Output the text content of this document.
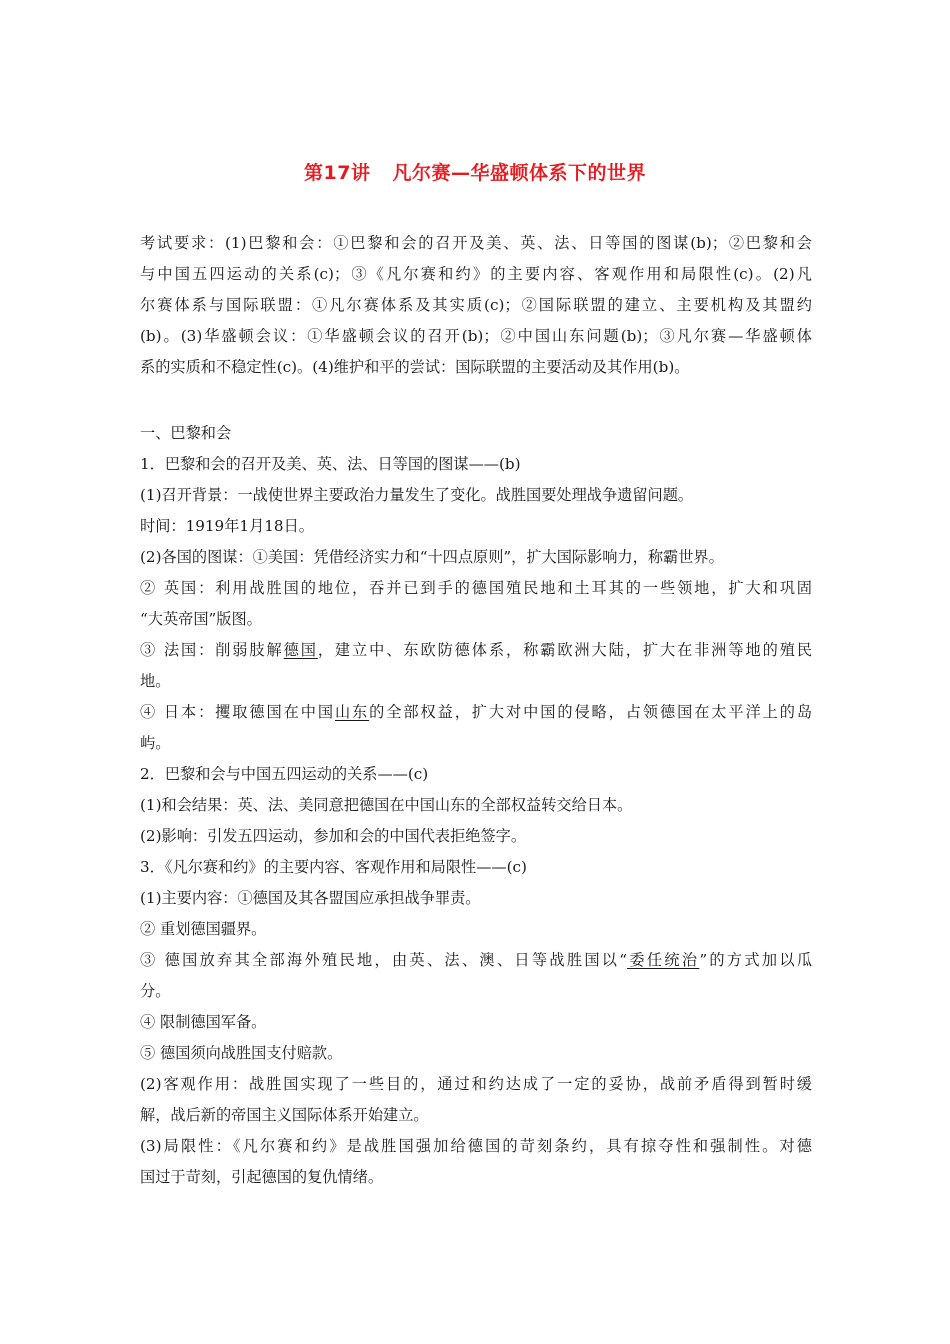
第17讲 凡尔赛—华盛顿体系下的世界
考试要求：(1)巴黎和会：①巴黎和会的召开及美、英、法、日等国的图谋(b)；②巴黎和会
与中国五四运动的关系(c)；③《凡尔赛和约》的主要内容、客观作用和局限性(c)。(2)凡
尔赛体系与国际联盟：①凡尔赛体系及其实质(c)；②国际联盟的建立、主要机构及其盟约
(b)。(3)华盛顿会议：①华盛顿会议的召开(b)；②中国山东问题(b)；③凡尔赛—华盛顿体
系的实质和不稳定性(c)。(4)维护和平的尝试：国际联盟的主要活动及其作用(b)。
一、巴黎和会
1．巴黎和会的召开及美、英、法、日等国的图谋——(b)
(1)召开背景：一战使世界主要政治力量发生了变化。战胜国要处理战争遗留问题。
时间：1919年1月18日。
(2)各国的图谋：①美国：凭借经济实力和“十四点原则”，扩大国际影响力，称霸世界。
② 英国：利用战胜国的地位，吞并已到手的德国殖民地和土耳其的一些领地，扩大和巩固
“大英帝国”版图。
③ 法国：削弱肢解德国，建立中、东欧防德体系，称霸欧洲大陆，扩大在非洲等地的殖民
地。
④ 日本：攫取德国在中国山东的全部权益，扩大对中国的侵略，占领德国在太平洋上的岛
屿。
2．巴黎和会与中国五四运动的关系——(c)
(1)和会结果：英、法、美同意把德国在中国山东的全部权益转交给日本。
(2)影响：引发五四运动，参加和会的中国代表拒绝签字。
3．《凡尔赛和约》的主要内容、客观作用和局限性——(c)
(1)主要内容：①德国及其各盟国应承担战争罪责。
② 重划德国疆界。
③ 德国放弃其全部海外殖民地，由英、法、澳、日等战胜国以“委任统治”的方式加以瓜
分。
④ 限制德国军备。
⑤ 德国须向战胜国支付赔款。
(2)客观作用：战胜国实现了一些目的，通过和约达成了一定的妥协，战前矛盾得到暂时缓
解，战后新的帝国主义国际体系开始建立。
(3)局限性：《凡尔赛和约》是战胜国强加给德国的苛刻条约，具有掠夺性和强制性。对德
国过于苛刻，引起德国的复仇情绪。
